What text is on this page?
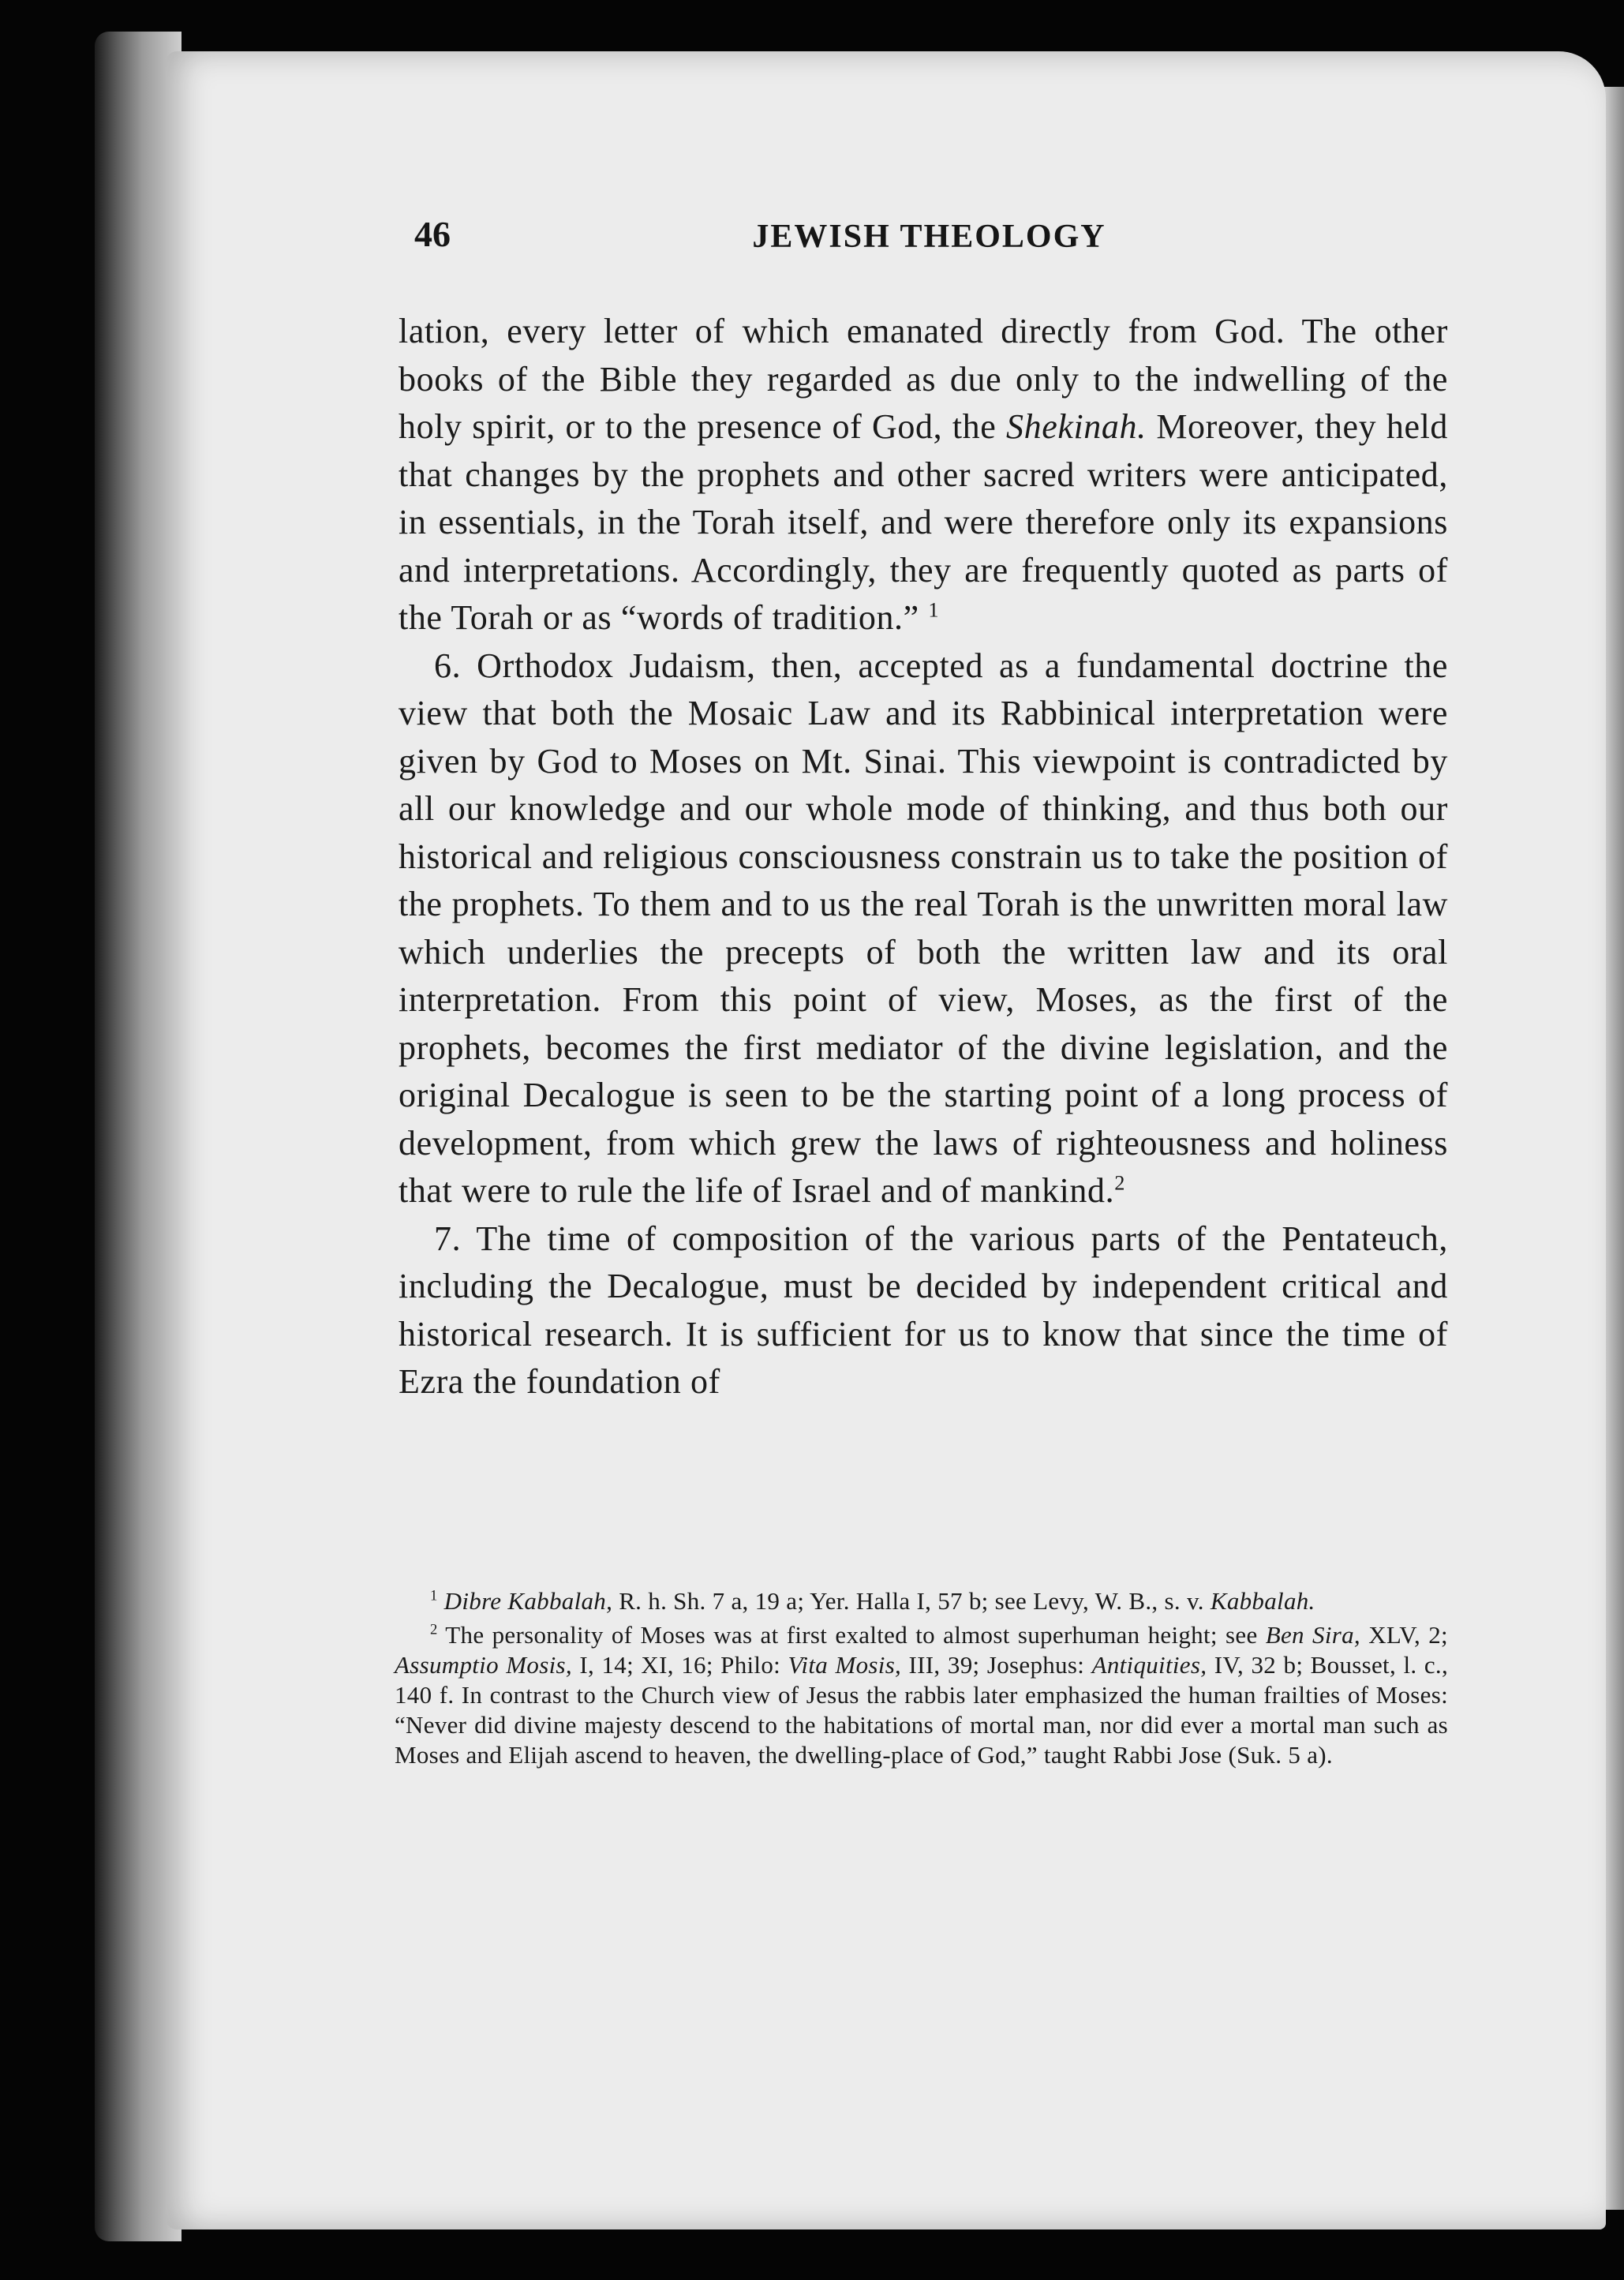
46	JEWISH THEOLOGY

lation, every letter of which emanated directly from God. The other books of the Bible they regarded as due only to the indwelling of the holy spirit, or to the presence of God, the Shekinah. Moreover, they held that changes by the prophets and other sacred writers were anticipated, in essentials, in the Torah itself, and were therefore only its expansions and interpretations. Accordingly, they are frequently quoted as parts of the Torah or as “words of tradition.” $^1$

6. Orthodox Judaism, then, accepted as a fundamental doctrine the view that both the Mosaic Law and its Rabbinical interpretation were given by God to Moses on Mt. Sinai. This viewpoint is contradicted by all our knowledge and our whole mode of thinking, and thus both our historical and religious consciousness constrain us to take the position of the prophets. To them and to us the real Torah is the unwritten moral law which underlies the precepts of both the written law and its oral interpretation. From this point of view, Moses, as the first of the prophets, becomes the first mediator of the divine legislation, and the original Decalogue is seen to be the starting point of a long process of development, from which grew the laws of righteousness and holiness that were to rule the life of Israel and of mankind.$^2$

7. The time of composition of the various parts of the Pentateuch, including the Decalogue, must be decided by independent critical and historical research. It is sufficient for us to know that since the time of Ezra the foundation of

$^1$ Dibre Kabbalah, R. h. Sh. 7 a, 19 a; Yer. Halla I, 57 b; see Levy, W. B., s. v. Kabbalah.

$^2$ The personality of Moses was at first exalted to almost superhuman height; see Ben Sira, XLV, 2; Assumptio Mosis, I, 14; XI, 16; Philo: Vita Mosis, III, 39; Josephus: Antiquities, IV, 32 b; Bousset, l. c., 140 f. In contrast to the Church view of Jesus the rabbis later emphasized the human frailties of Moses: “Never did divine majesty descend to the habitations of mortal man, nor did ever a mortal man such as Moses and Elijah ascend to heaven, the dwelling-place of God,” taught Rabbi Jose (Suk. 5 a).
